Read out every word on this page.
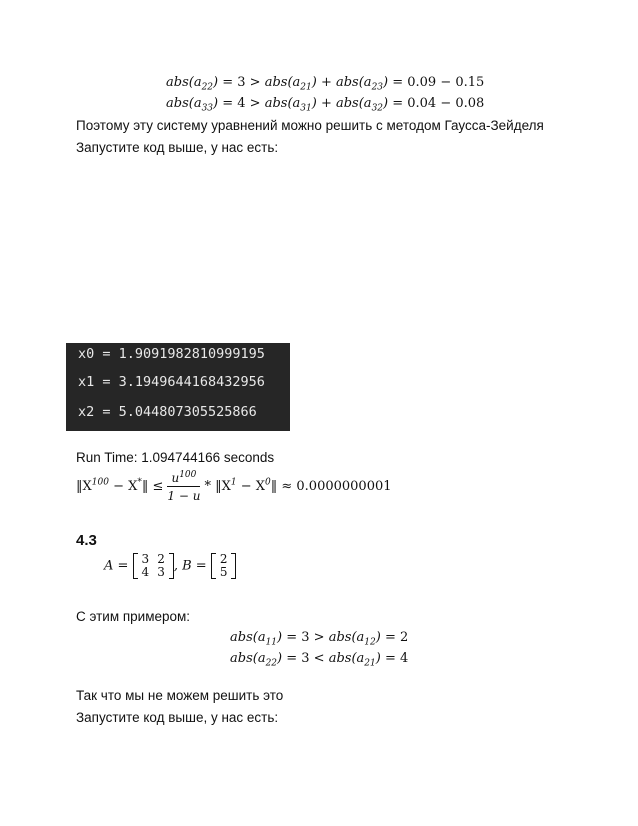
$abs(a_{22}) = 3 > abs(a_{21}) + abs(a_{23}) = 0.09 - 0.15$
$abs(a_{33}) = 4 > abs(a_{31}) + abs(a_{32}) = 0.04 - 0.08$
Поэтому эту систему уравнений можно решить с методом Гаусса-Зейделя
Запустите код выше, у нас есть:
x0 = 1.9091982810999195
x1 = 3.1949644168432956
x2 = 5.044807305525866
Run Time: 1.094744166 seconds
$‖X^{100}$ − X*‖ ≤ $\frac{u^{100}}{1 - u}$ * $‖X^1$ − $X^0‖ \approx 0.0000000001$
4.3
A = 3	2
4	3 , B = 2
5
С этим примером:
$abs(a_{11}) = 3 > abs(a_{12}) = 2$
$abs(a_{22}) = 3 < abs(a_{21}) = 4$
Так что мы не можем решить это
Запустите код выше, у нас есть:
